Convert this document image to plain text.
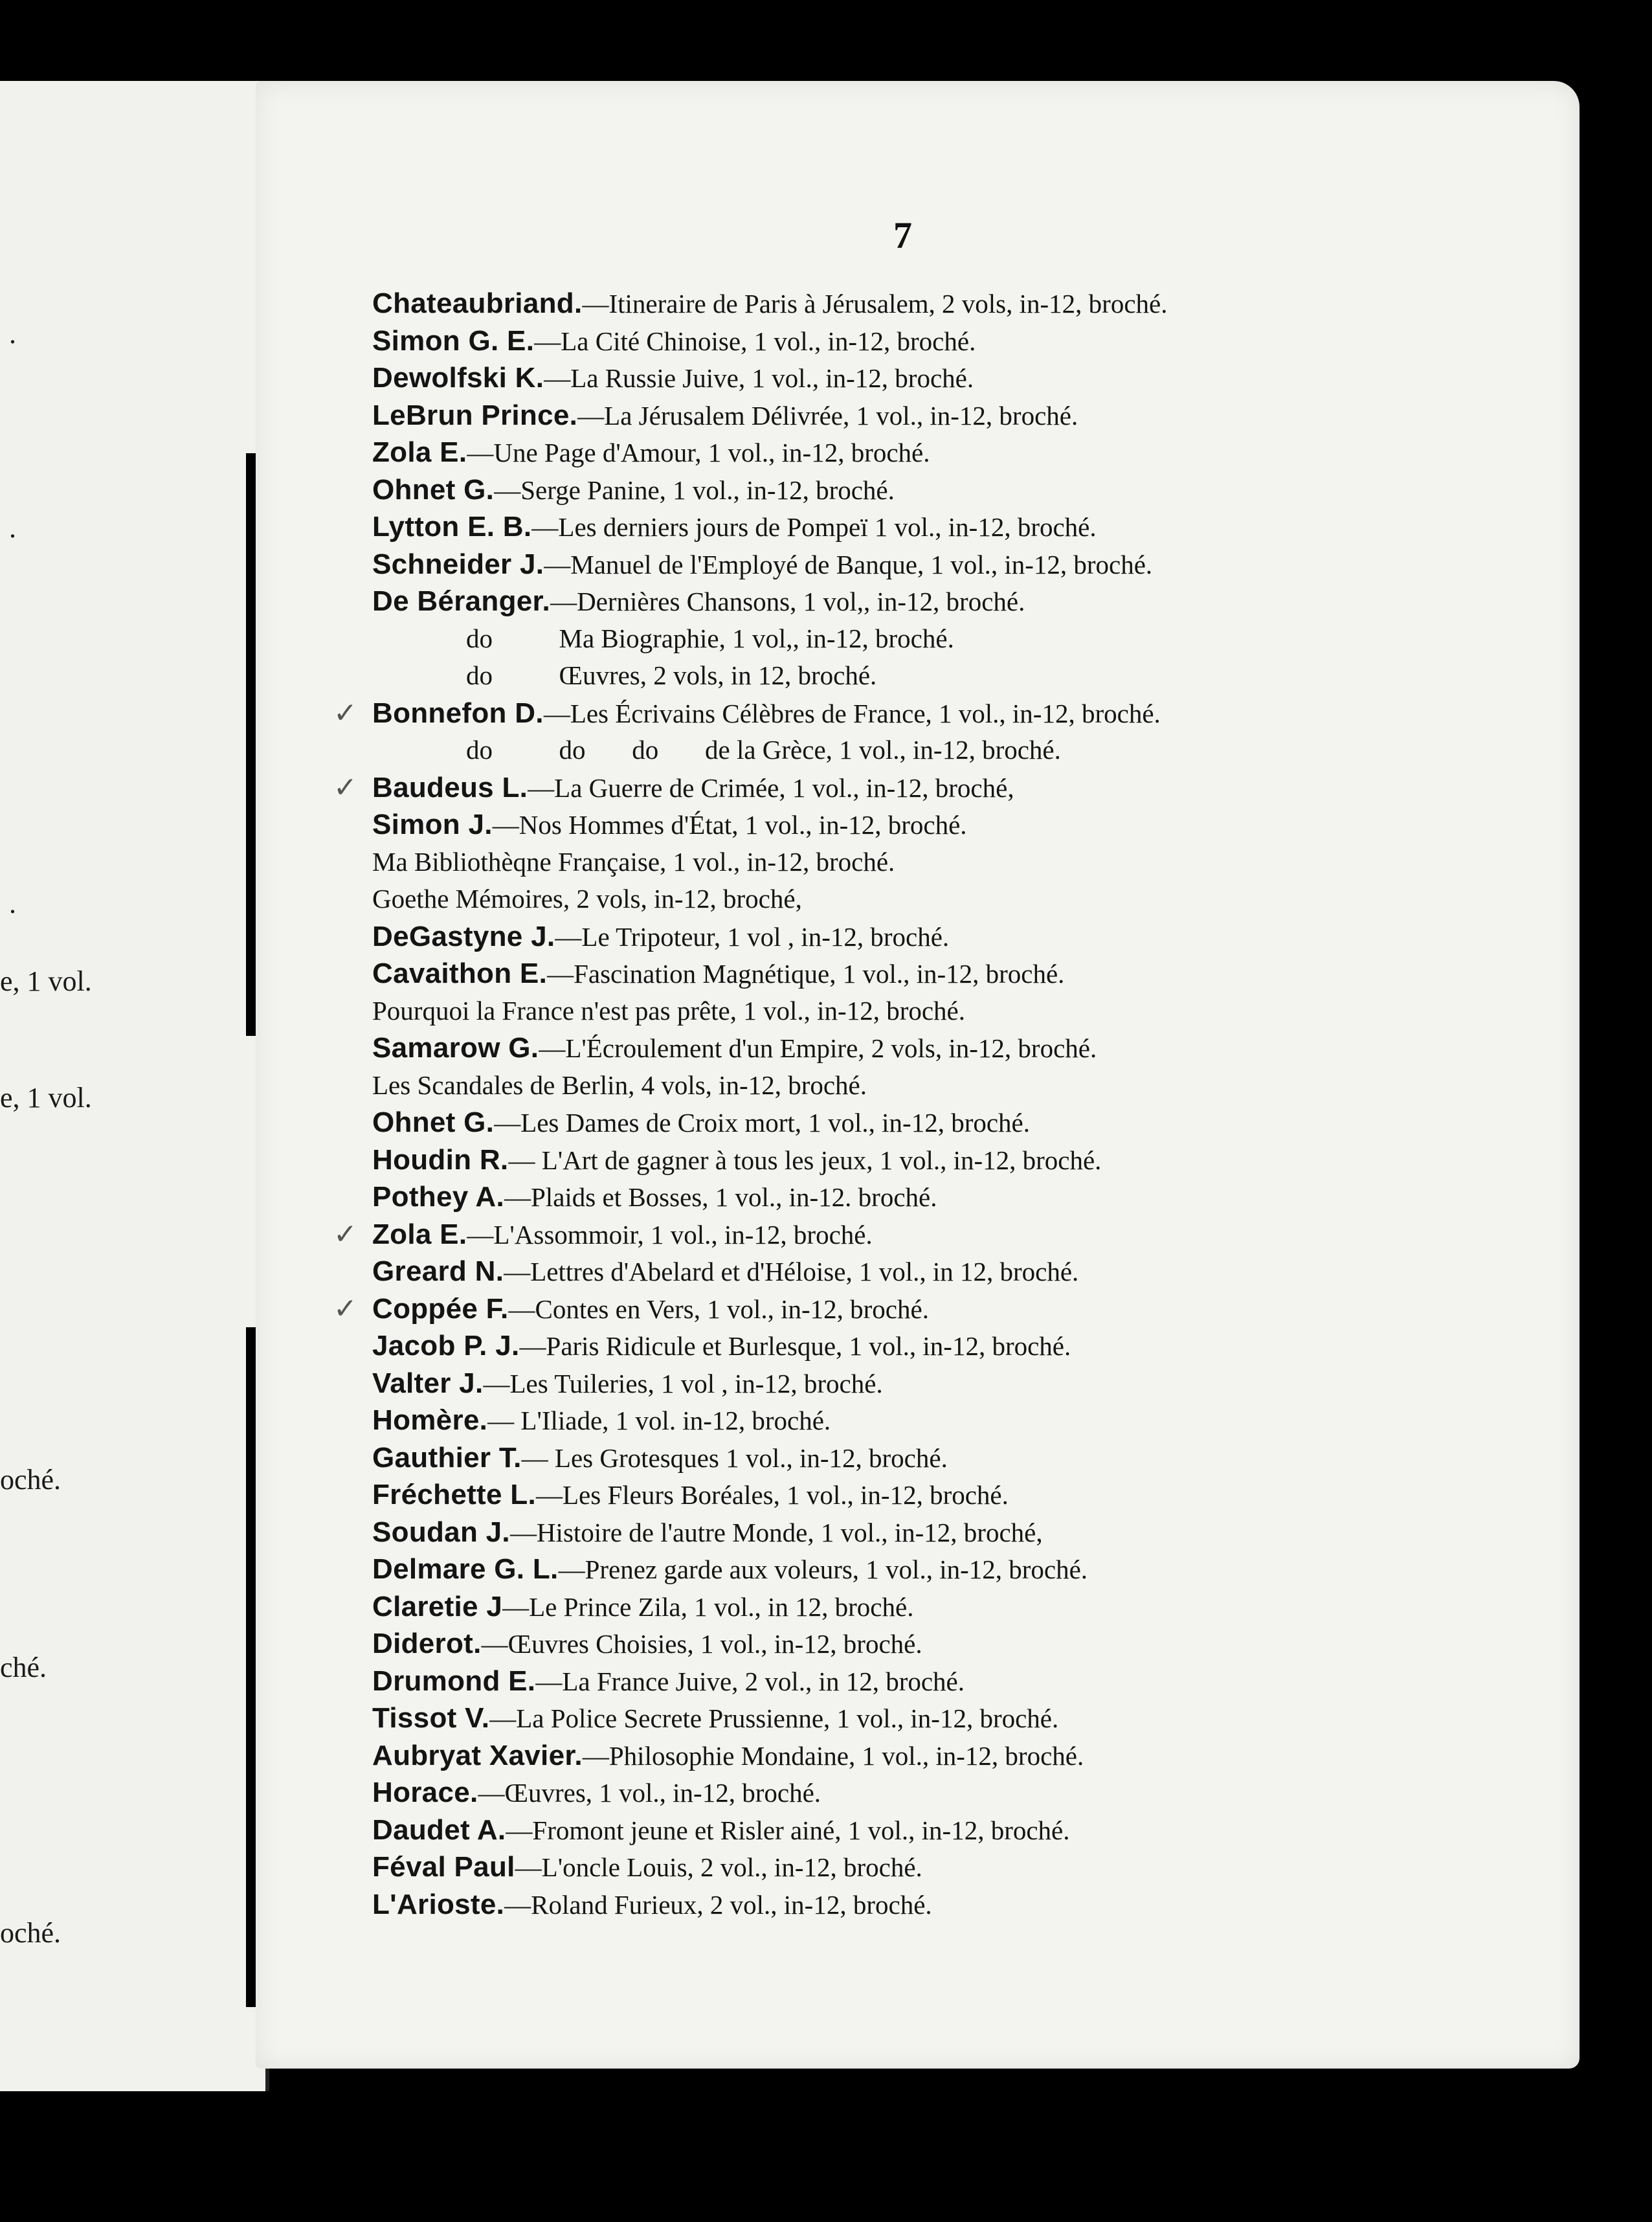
.
.
.
e, 1 vol.
e, 1 vol.
oché.
ché.
oché.
7
Chateaubriand.—Itineraire de Paris à Jérusalem, 2 vols, in-12, broché.
Simon G. E.—La Cité Chinoise, 1 vol., in-12, broché.
Dewolfski K.—La Russie Juive, 1 vol., in-12, broché.
LeBrun Prince.—La Jérusalem Délivrée, 1 vol., in-12, broché.
Zola E.—Une Page d'Amour, 1 vol., in-12, broché.
Ohnet G.—Serge Panine, 1 vol., in-12, broché.
Lytton E. B.—Les derniers jours de Pompeï 1 vol., in-12, broché.
Schneider J.—Manuel de l'Employé de Banque, 1 vol., in-12, broché.
De Béranger.—Dernières Chansons, 1 vol,, in-12, broché.
do          Ma Biographie, 1 vol,, in-12, broché.
do          Œuvres, 2 vols, in 12, broché.
✓ Bonnefon D.—Les Écrivains Célèbres de France, 1 vol., in-12, broché.
do          do       do       de la Grèce, 1 vol., in-12, broché.
✓ Baudeus L.—La Guerre de Crimée, 1 vol., in-12, broché,
Simon J.—Nos Hommes d'État, 1 vol., in-12, broché.
Ma Bibliothèqne Française, 1 vol., in-12, broché.
Goethe Mémoires, 2 vols, in-12, broché,
DeGastyne J.—Le Tripoteur, 1 vol , in-12, broché.
Cavaithon E.—Fascination Magnétique, 1 vol., in-12, broché.
Pourquoi la France n'est pas prête, 1 vol., in-12, broché.
Samarow G.—L'Écroulement d'un Empire, 2 vols, in-12, broché.
Les Scandales de Berlin, 4 vols, in-12, broché.
Ohnet G.—Les Dames de Croix mort, 1 vol., in-12, broché.
Houdin R.— L'Art de gagner à tous les jeux, 1 vol., in-12, broché.
Pothey A.—Plaids et Bosses, 1 vol., in-12. broché.
✓ Zola E.—L'Assommoir, 1 vol., in-12, broché.
Greard N.—Lettres d'Abelard et d'Héloise, 1 vol., in 12, broché.
✓ Coppée F.—Contes en Vers, 1 vol., in-12, broché.
Jacob P. J.—Paris Ridicule et Burlesque, 1 vol., in-12, broché.
Valter J.—Les Tuileries, 1 vol , in-12, broché.
Homère.— L'Iliade, 1 vol. in-12, broché.
Gauthier T.— Les Grotesques 1 vol., in-12, broché.
Fréchette L.—Les Fleurs Boréales, 1 vol., in-12, broché.
Soudan J.—Histoire de l'autre Monde, 1 vol., in-12, broché,
Delmare G. L.—Prenez garde aux voleurs, 1 vol., in-12, broché.
Claretie J—Le Prince Zila, 1 vol., in 12, broché.
Diderot.—Œuvres Choisies, 1 vol., in-12, broché.
Drumond E.—La France Juive, 2 vol., in 12, broché.
Tissot V.—La Police Secrete Prussienne, 1 vol., in-12, broché.
Aubryat Xavier.—Philosophie Mondaine, 1 vol., in-12, broché.
Horace.—Œuvres, 1 vol., in-12, broché.
Daudet A.—Fromont jeune et Risler ainé, 1 vol., in-12, broché.
Féval Paul—L'oncle Louis, 2 vol., in-12, broché.
L'Arioste.—Roland Furieux, 2 vol., in-12, broché.
